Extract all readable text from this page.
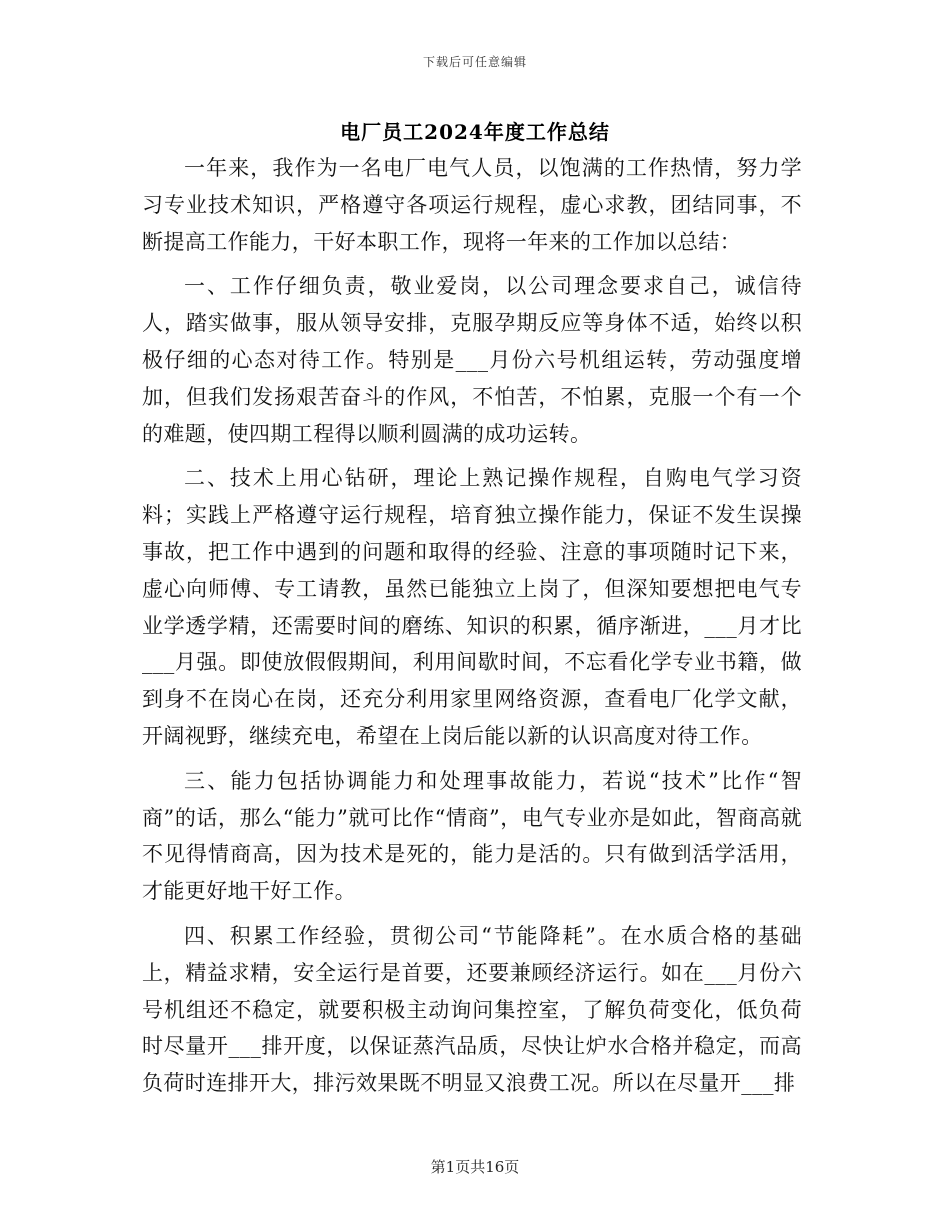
下载后可任意编辑
电厂员工2024年度工作总结

一年来，我作为一名电厂电气人员，以饱满的工作热情，努力学习专业技术知识，严格遵守各项运行规程，虚心求教，团结同事，不断提高工作能力，干好本职工作，现将一年来的工作加以总结：

一、工作仔细负责，敬业爱岗，以公司理念要求自己，诚信待人，踏实做事，服从领导安排，克服孕期反应等身体不适，始终以积极仔细的心态对待工作。特别是___月份六号机组运转，劳动强度增加，但我们发扬艰苦奋斗的作风，不怕苦，不怕累，克服一个有一个的难题，使四期工程得以顺利圆满的成功运转。

二、技术上用心钻研，理论上熟记操作规程，自购电气学习资料；实践上严格遵守运行规程，培育独立操作能力，保证不发生误操事故，把工作中遇到的问题和取得的经验、注意的事项随时记下来，虚心向师傅、专工请教，虽然已能独立上岗了，但深知要想把电气专业学透学精，还需要时间的磨练、知识的积累，循序渐进，___月才比___月强。即使放假假期间，利用间歇时间，不忘看化学专业书籍，做到身不在岗心在岗，还充分利用家里网络资源，查看电厂化学文献，开阔视野，继续充电，希望在上岗后能以新的认识高度对待工作。

三、能力包括协调能力和处理事故能力，若说“技术”比作“智商”的话，那么“能力”就可比作“情商”，电气专业亦是如此，智商高就不见得情商高，因为技术是死的，能力是活的。只有做到活学活用，才能更好地干好工作。

四、积累工作经验，贯彻公司“节能降耗”。在水质合格的基础上，精益求精，安全运行是首要，还要兼顾经济运行。如在___月份六号机组还不稳定，就要积极主动询问集控室，了解负荷变化，低负荷时尽量开___排开度，以保证蒸汽品质，尽快让炉水合格并稳定，而高负荷时连排开大，排污效果既不明显又浪费工况。所以在尽量开___排

第1页共16页
